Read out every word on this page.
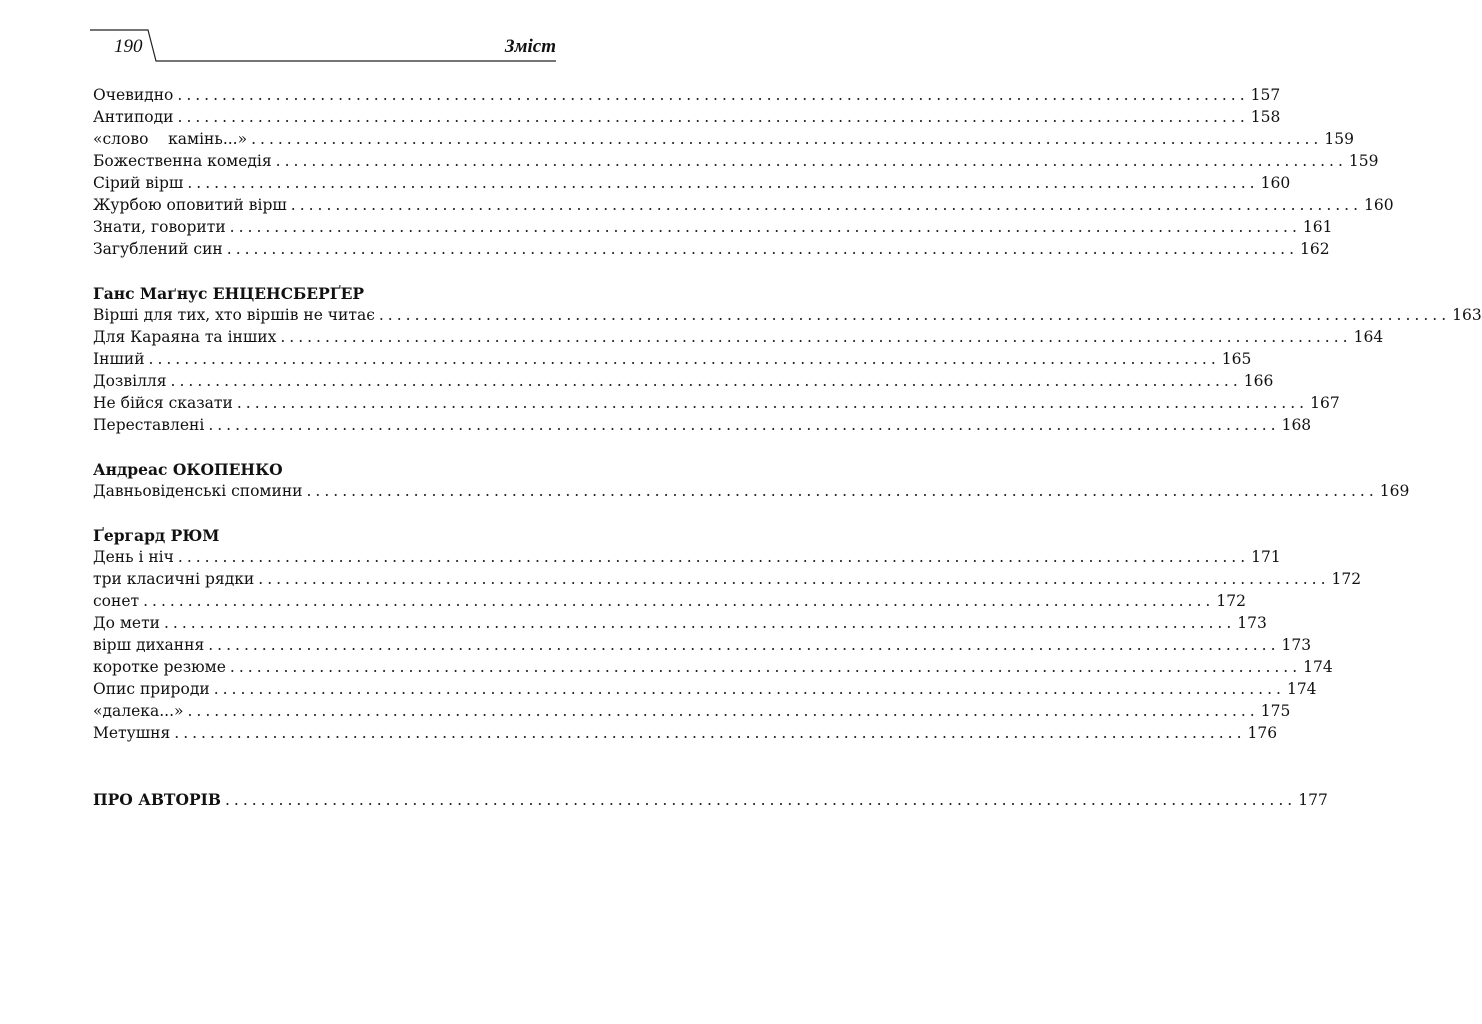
190	Зміст
Очевидно ........................................................................................................................ 157
Антиподи ........................................................................................................................ 158
«слово    камінь...» ........................................................................................................................ 159
Божественна комедія ........................................................................................................................ 159
Сірий вірш ........................................................................................................................ 160
Журбою оповитий вірш ........................................................................................................................ 160
Знати, говорити ........................................................................................................................ 161
Загублений син ........................................................................................................................ 162
Ганс Маґнус ЕНЦЕНСБЕРҐЕР
Вірші для тих, хто віршів не читає ........................................................................................................................ 163
Для Караяна та інших ........................................................................................................................ 164
Інший ........................................................................................................................ 165
Дозвілля ........................................................................................................................ 166
Не бійся сказати ........................................................................................................................ 167
Переставлені ........................................................................................................................ 168
Андреас ОКОПЕНКО
Давньовіденські спомини ........................................................................................................................ 169
Ґергард РЮМ
День і ніч ........................................................................................................................ 171
три класичні рядки ........................................................................................................................ 172
сонет ........................................................................................................................ 172
До мети ........................................................................................................................ 173
вірш дихання ........................................................................................................................ 173
коротке резюме ........................................................................................................................ 174
Опис природи ........................................................................................................................ 174
«далека...» ........................................................................................................................ 175
Метушня ........................................................................................................................ 176
ПРО АВТОРІВ ........................................................................................................................ 177
